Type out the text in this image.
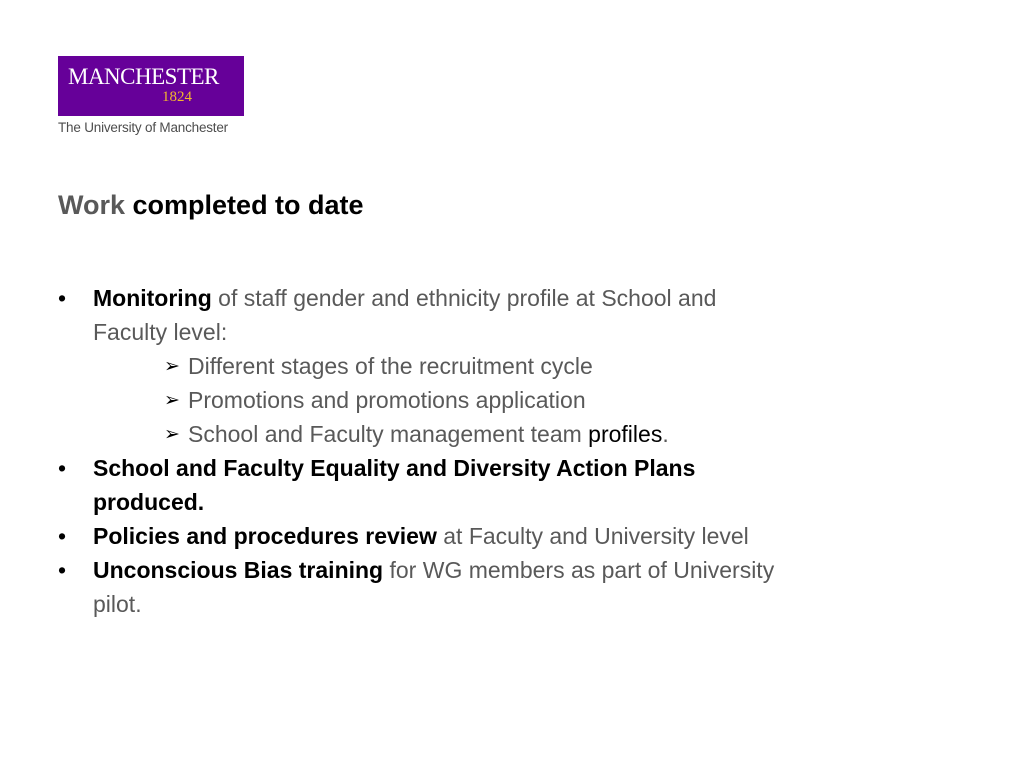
MANCHESTER
1824
The University of Manchester
Work completed to date
• Monitoring of staff gender and ethnicity profile at School and Faculty level:
➢ Different stages of the recruitment cycle
➢ Promotions and promotions application
➢ School and Faculty management team profiles.
• School and Faculty Equality and Diversity Action Plans produced.
• Policies and procedures review at Faculty and University level
• Unconscious Bias training for WG members as part of University pilot.
